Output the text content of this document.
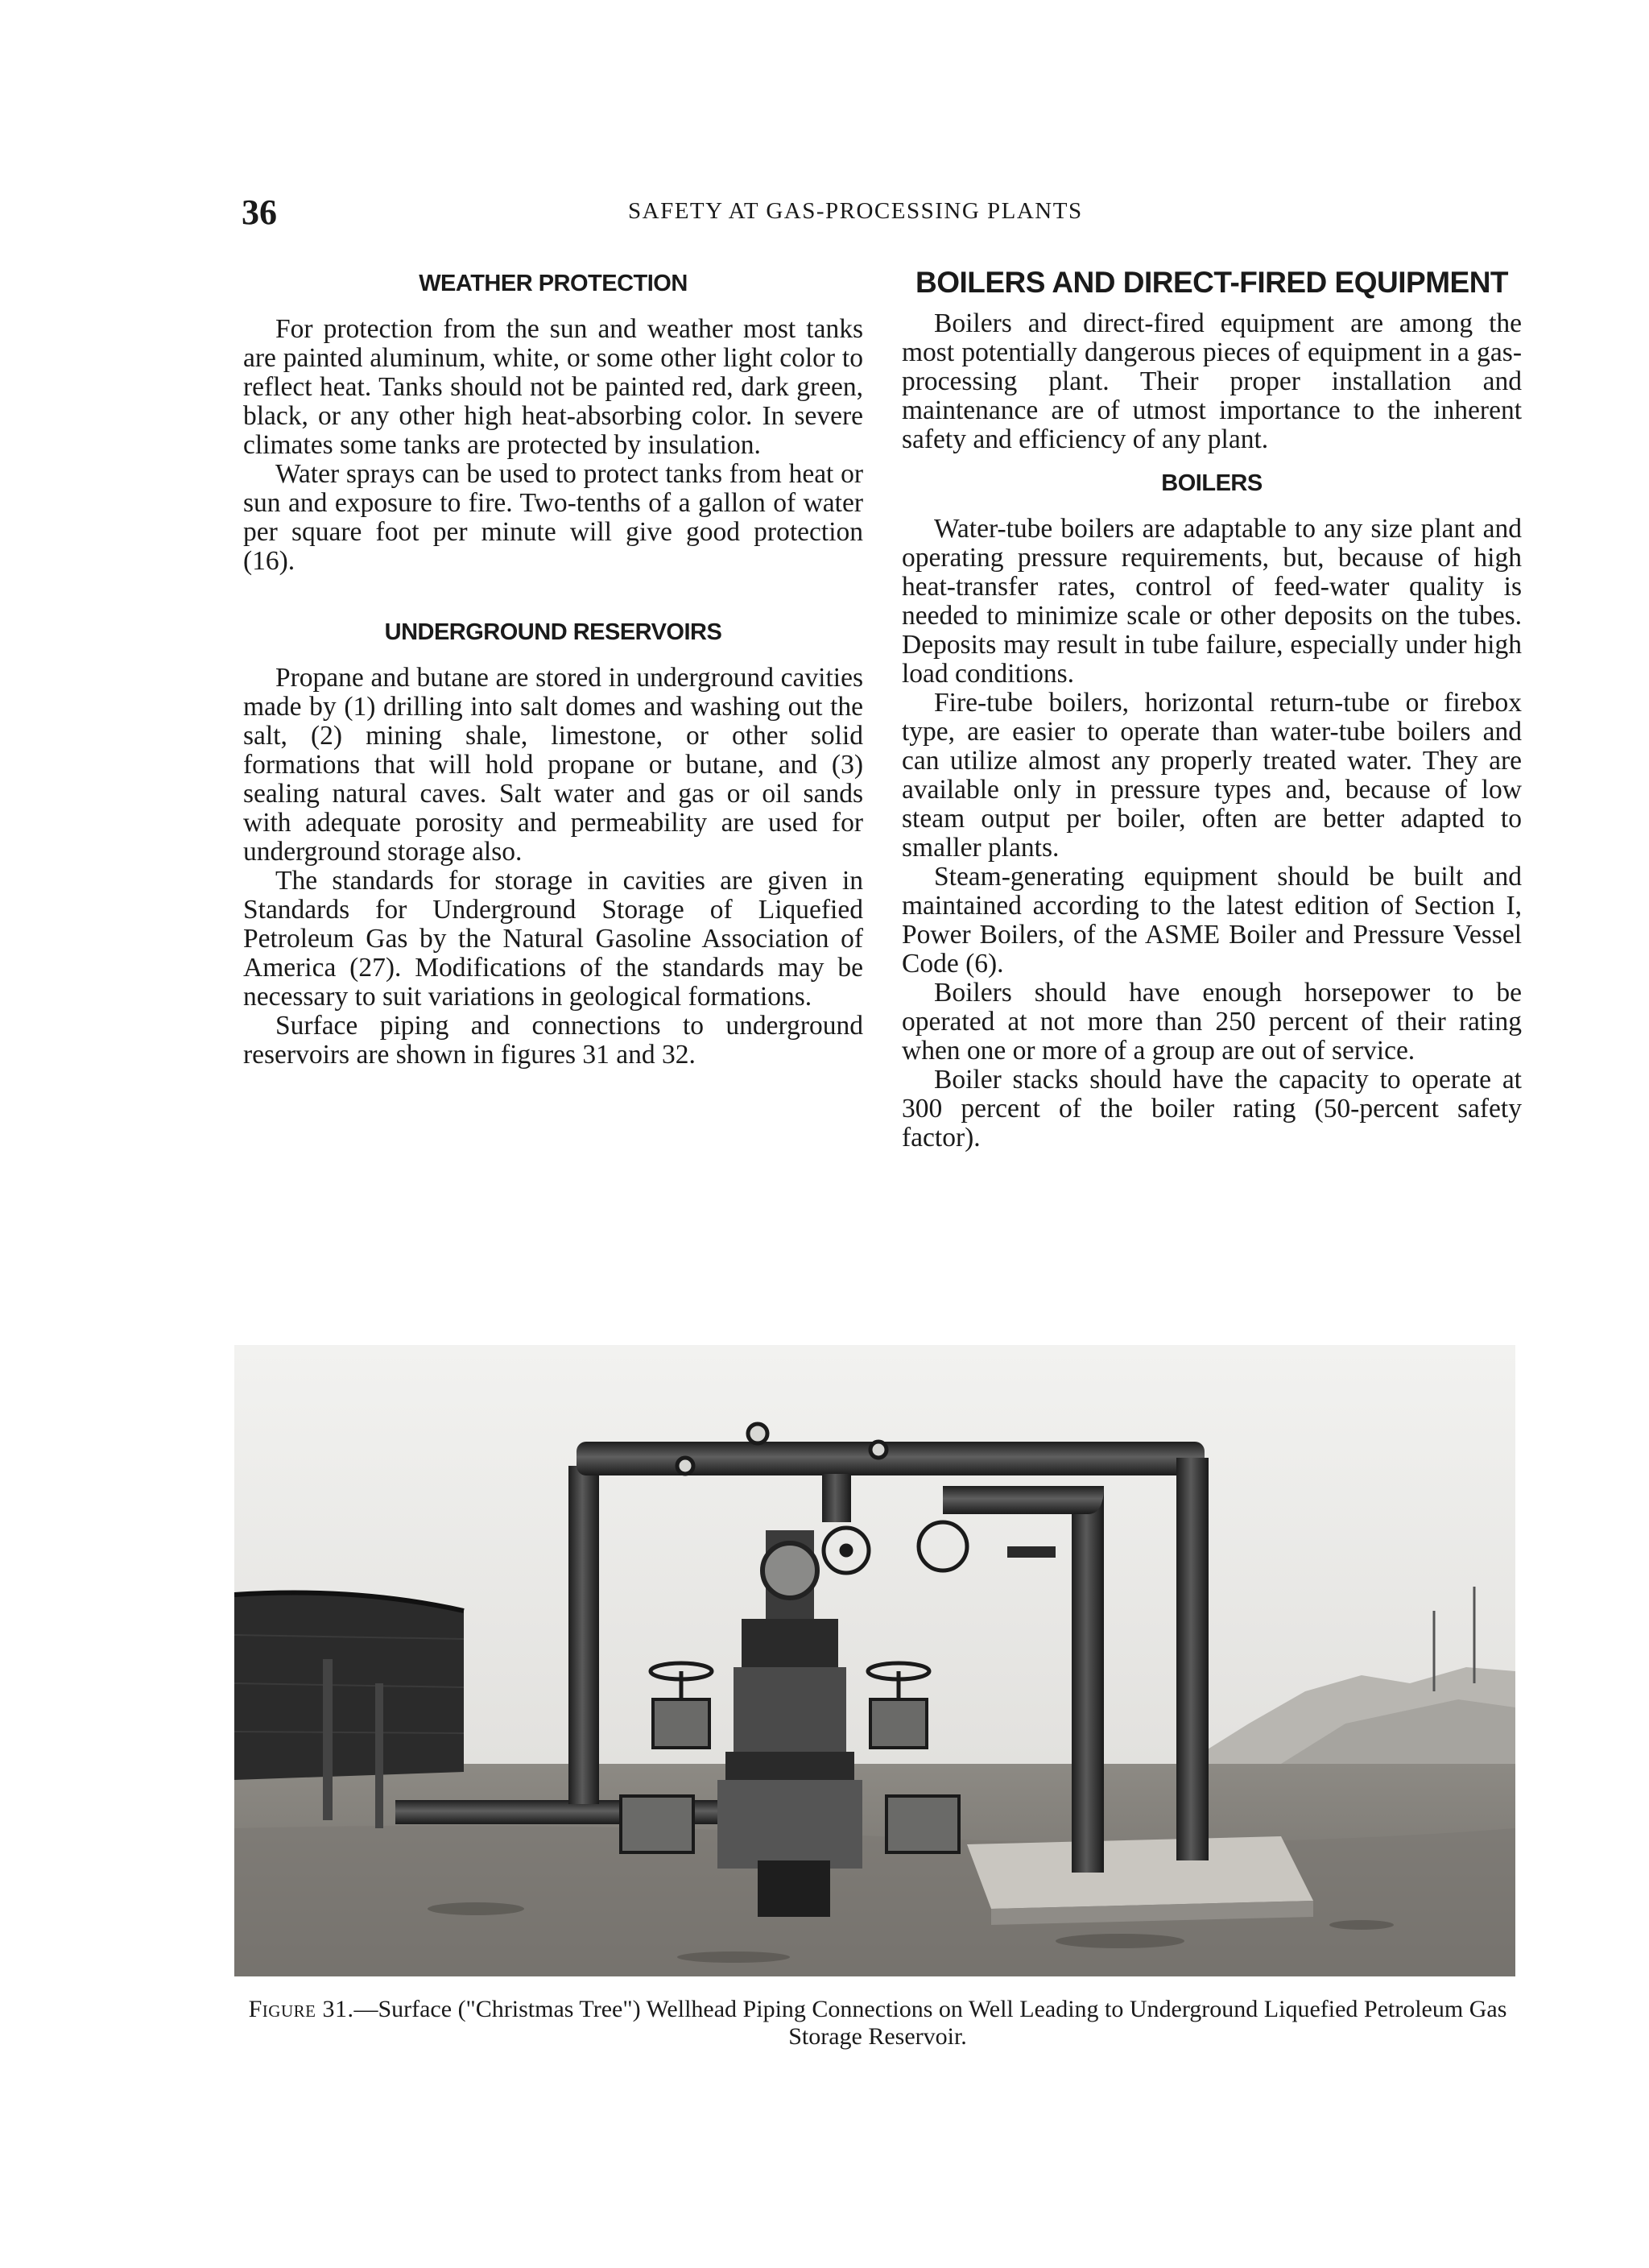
36	SAFETY AT GAS-PROCESSING PLANTS
WEATHER PROTECTION

For protection from the sun and weather most tanks are painted aluminum, white, or some other light color to reflect heat. Tanks should not be painted red, dark green, black, or any other high heat-absorbing color. In severe climates some tanks are protected by insulation.

Water sprays can be used to protect tanks from heat or sun and exposure to fire. Two-tenths of a gallon of water per square foot per minute will give good protection (16).

UNDERGROUND RESERVOIRS

Propane and butane are stored in underground cavities made by (1) drilling into salt domes and washing out the salt, (2) mining shale, limestone, or other solid formations that will hold propane or butane, and (3) sealing natural caves. Salt water and gas or oil sands with adequate porosity and permeability are used for underground storage also.

The standards for storage in cavities are given in Standards for Underground Storage of Liquefied Petroleum Gas by the Natural Gasoline Association of America (27). Modifications of the standards may be necessary to suit variations in geological formations.

Surface piping and connections to underground reservoirs are shown in figures 31 and 32.

BOILERS AND DIRECT-FIRED EQUIPMENT

Boilers and direct-fired equipment are among the most potentially dangerous pieces of equipment in a gas-processing plant. Their proper installation and maintenance are of utmost importance to the inherent safety and efficiency of any plant.

BOILERS

Water-tube boilers are adaptable to any size plant and operating pressure requirements, but, because of high heat-transfer rates, control of feed-water quality is needed to minimize scale or other deposits on the tubes. Deposits may result in tube failure, especially under high load conditions.

Fire-tube boilers, horizontal return-tube or firebox type, are easier to operate than water-tube boilers and can utilize almost any properly treated water. They are available only in pressure types and, because of low steam output per boiler, often are better adapted to smaller plants.

Steam-generating equipment should be built and maintained according to the latest edition of Section I, Power Boilers, of the ASME Boiler and Pressure Vessel Code (6).

Boilers should have enough horsepower to be operated at not more than 250 percent of their rating when one or more of a group are out of service.

Boiler stacks should have the capacity to operate at 300 percent of the boiler rating (50-percent safety factor).

Figure 31.—Surface ("Christmas Tree") Wellhead Piping Connections on Well Leading to Underground Liquefied Petroleum Gas Storage Reservoir.
